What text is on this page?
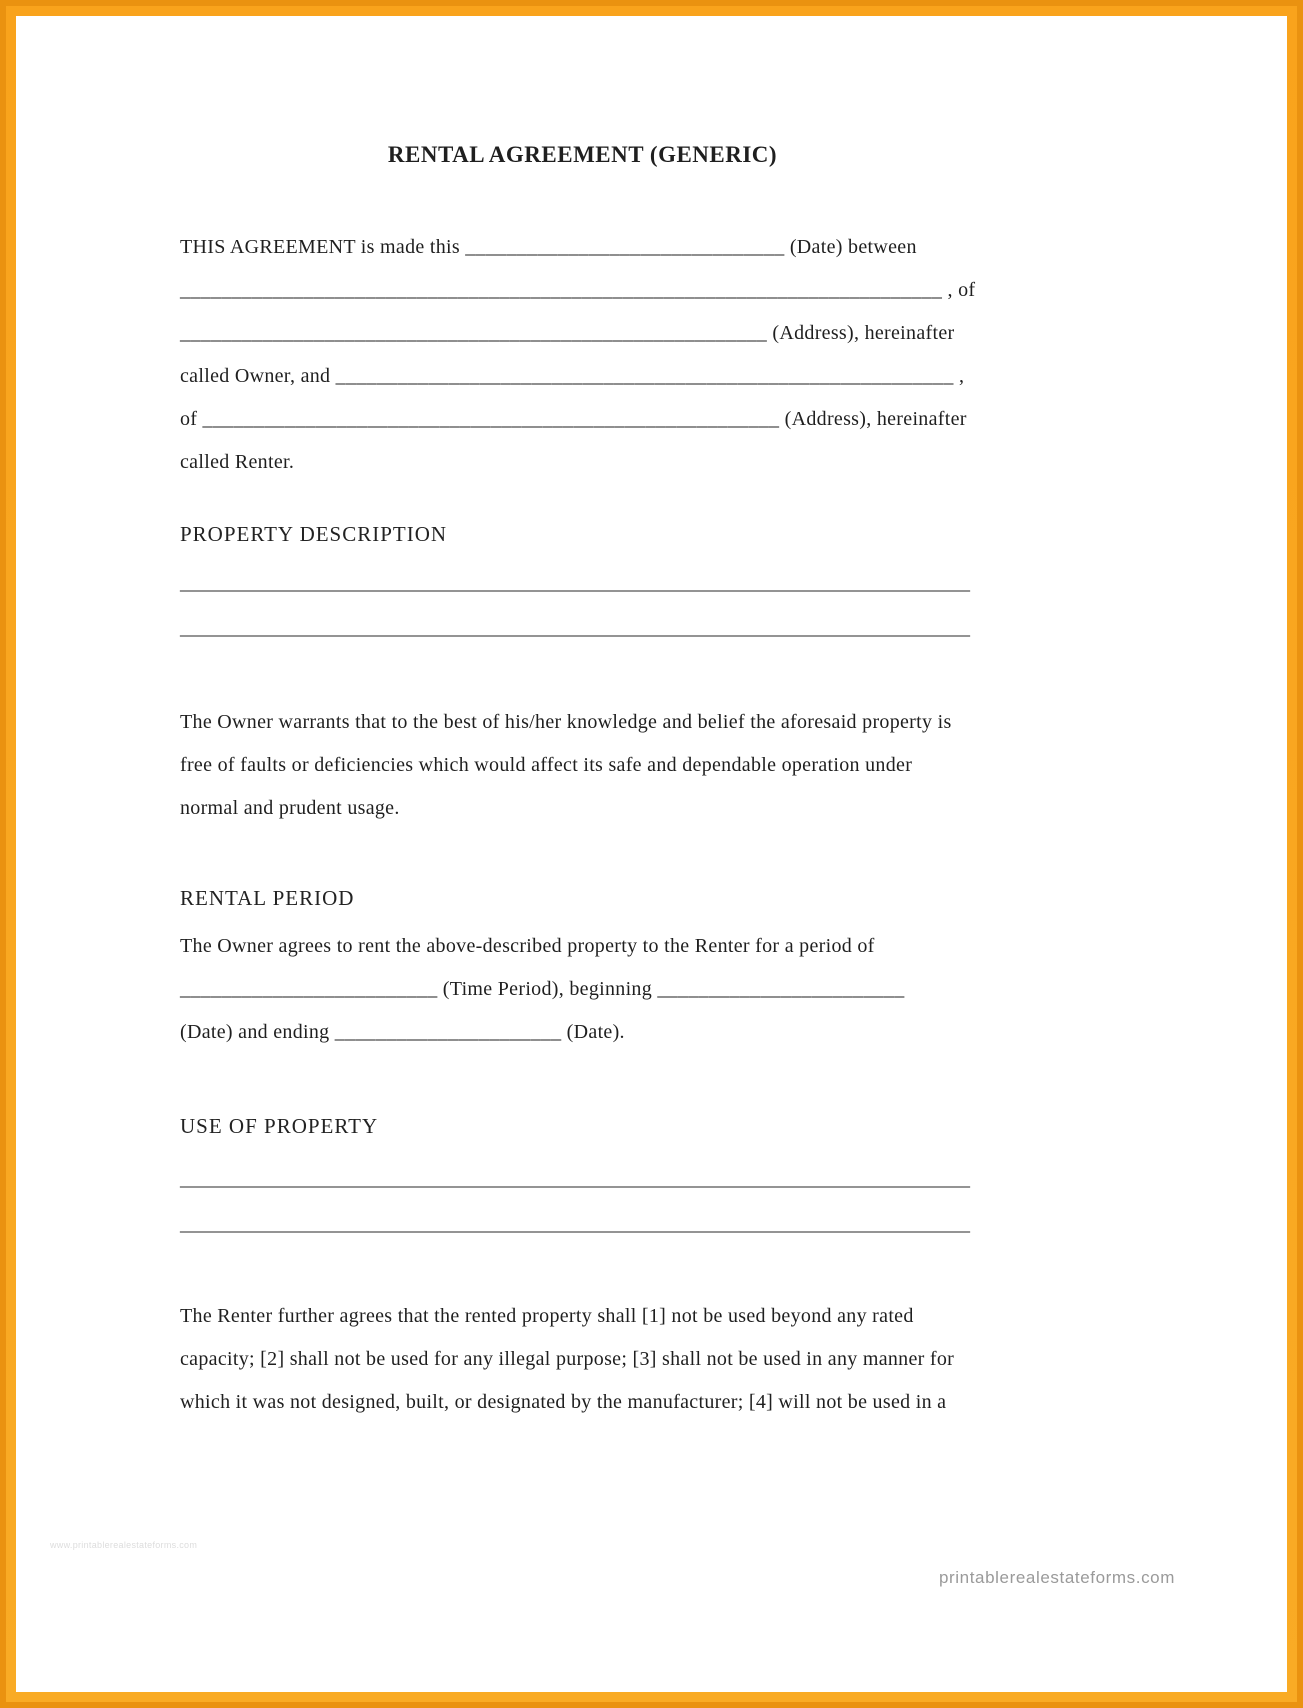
RENTAL AGREEMENT (GENERIC)
THIS AGREEMENT is made this _______________________________ (Date) between
__________________________________________________________________________ , of
_________________________________________________________ (Address), hereinafter
called Owner, and ____________________________________________________________ ,
of ________________________________________________________ (Address), hereinafter
called Renter.
PROPERTY DESCRIPTION
_______________________________________________________________________________
_______________________________________________________________________________
The Owner warrants that to the best of his/her knowledge and belief the aforesaid property is
free of faults or deficiencies which would affect its safe and dependable operation under
normal and prudent usage.
RENTAL PERIOD
The Owner agrees to rent the above-described property to the Renter for a period of
_________________________ (Time Period), beginning ________________________
(Date) and ending ______________________ (Date).
USE OF PROPERTY
_______________________________________________________________________________
_______________________________________________________________________________
The Renter further agrees that the rented property shall [1] not be used beyond any rated
capacity; [2] shall not be used for any illegal purpose; [3] shall not be used in any manner for
which it was not designed, built, or designated by the manufacturer; [4] will not be used in a
www.printablerealestateforms.com
printablerealestateforms.com
